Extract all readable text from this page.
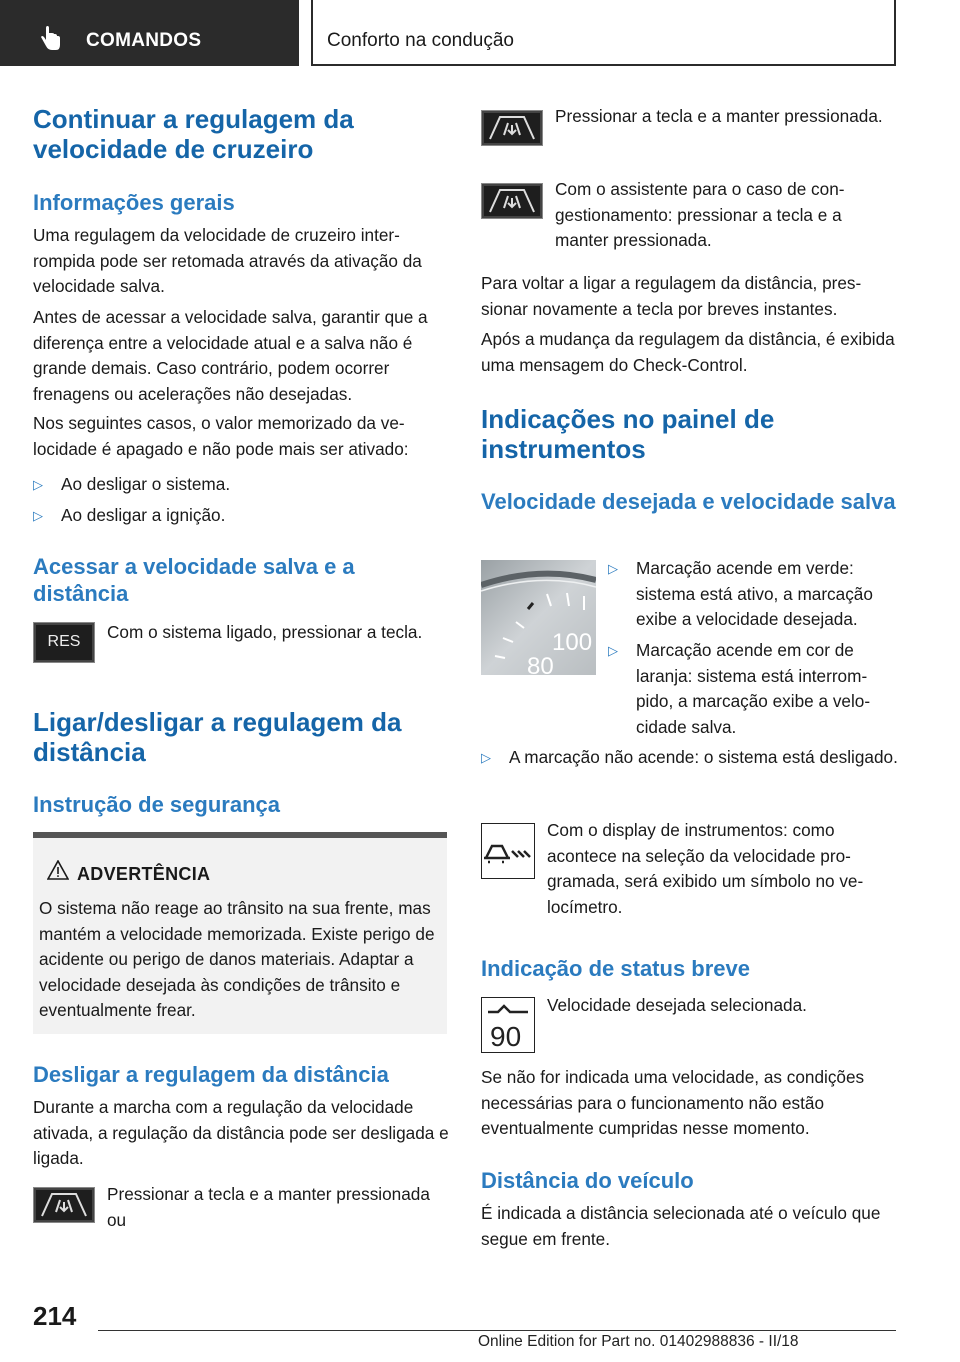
COMANDOS	Conforto na condução
Continuar a regulagem da velocidade de cruzeiro
Informações gerais
Uma regulagem da velocidade de cruzeiro interrompida pode ser retomada através da ativação da velocidade salva.
Antes de acessar a velocidade salva, garantir que a diferença entre a velocidade atual e a salva não é grande demais. Caso contrário, podem ocorrer frenagens ou acelerações não desejadas.
Nos seguintes casos, o valor memorizado da velocidade é apagado e não pode mais ser ativado:
▷ Ao desligar o sistema.
▷ Ao desligar a ignição.
Acessar a velocidade salva e a distância
RES	Com o sistema ligado, pressionar a tecla.
Ligar/desligar a regulagem da distância
Instrução de segurança
ADVERTÊNCIA
O sistema não reage ao trânsito na sua frente, mas mantém a velocidade memorizada. Existe perigo de acidente ou perigo de danos materiais. Adaptar a velocidade desejada às condições de trânsito e eventualmente frear.
Desligar a regulagem da distância
Durante a marcha com a regulação da velocidade ativada, a regulação da distância pode ser desligada e ligada.
Pressionar a tecla e a manter pressionada ou
Pressionar a tecla e a manter pressionada.
Com o assistente para o caso de congestionamento: pressionar a tecla e a manter pressionada.
Para voltar a ligar a regulagem da distância, pressionar novamente a tecla por breves instantes.
Após a mudança da regulagem da distância, é exibida uma mensagem do Check-Control.
Indicações no painel de instrumentos
Velocidade desejada e velocidade salva
100
80
▷ Marcação acende em verde: sistema está ativo, a marcação exibe a velocidade desejada.
▷ Marcação acende em cor de laranja: sistema está interrompido, a marcação exibe a velocidade salva.
▷ A marcação não acende: o sistema está desligado.
Com o display de instrumentos: como acontece na seleção da velocidade programada, será exibido um símbolo no velocímetro.
Indicação de status breve
90
Velocidade desejada selecionada.
Se não for indicada uma velocidade, as condições necessárias para o funcionamento não estão eventualmente cumpridas nesse momento.
Distância do veículo
É indicada a distância selecionada até o veículo que segue em frente.
214
Online Edition for Part no. 01402988836 - II/18
